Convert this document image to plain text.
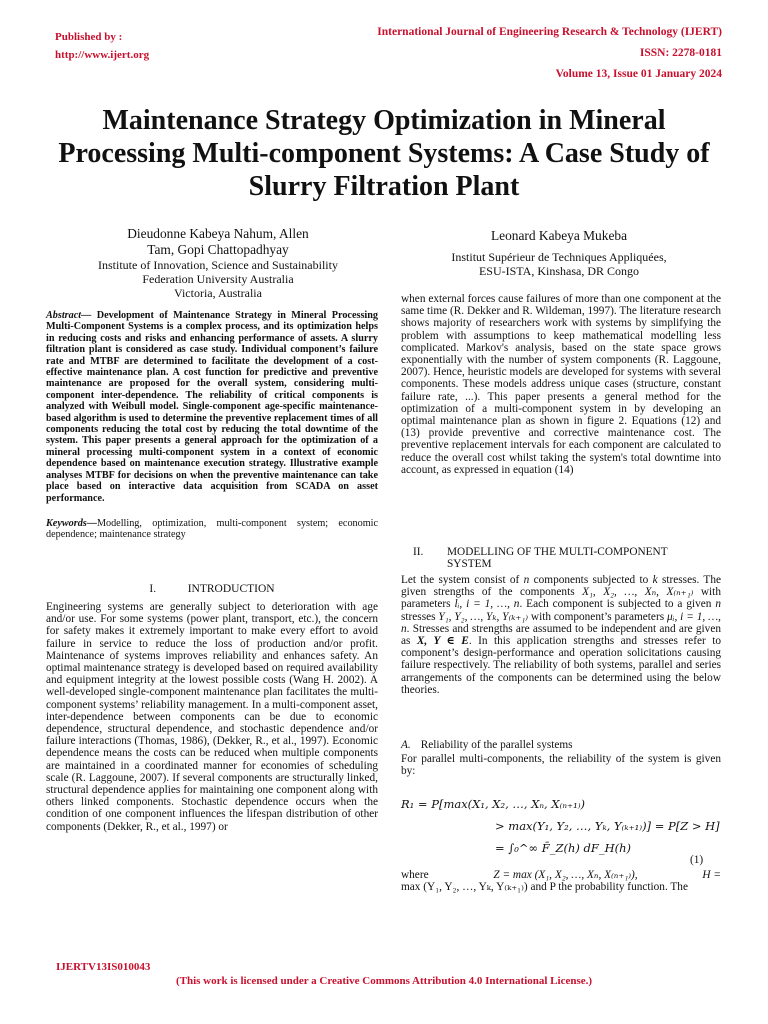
Published by :
http://www.ijert.org
International Journal of Engineering Research & Technology (IJERT)
ISSN: 2278-0181
Volume 13, Issue 01 January 2024
Maintenance Strategy Optimization in Mineral Processing Multi-component Systems: A Case Study of Slurry Filtration Plant
Dieudonne Kabeya Nahum, Allen Tam, Gopi Chattopadhyay
Institute of Innovation, Science and Sustainability
Federation University Australia
Victoria, Australia
Leonard Kabeya Mukeba
Institut Supérieur de Techniques Appliquées,
ESU-ISTA, Kinshasa, DR Congo
Abstract— Development of Maintenance Strategy in Mineral Processing Multi-Component Systems is a complex process, and its optimization helps in reducing costs and risks and enhancing performance of assets. A slurry filtration plant is considered as case study. Individual component’s failure rate and MTBF are determined to facilitate the development of a cost-effective maintenance plan. A cost function for predictive and preventive maintenance are proposed for the overall system, considering multi-component inter-dependence. The reliability of critical components is analyzed with Weibull model. Single-component age-specific maintenance-based algorithm is used to determine the preventive replacement times of all components reducing the total cost by reducing the total downtime of the system. This paper presents a general approach for the optimization of a mineral processing multi-component system in a context of economic dependence based on maintenance execution strategy. Illustrative example analyses MTBF for decisions on when the preventive maintenance can take place based on interactive data acquisition from SCADA on asset performance.
Keywords—Modelling, optimization, multi-component system; economic dependence; maintenance strategy
I.           INTRODUCTION
Engineering systems are generally subject to deterioration with age and/or use. For some systems (power plant, transport, etc.), the concern for safety makes it extremely important to make every effort to avoid failure in service to reduce the loss of production and/or profit. Maintenance of systems improves reliability and enhances safety. An optimal maintenance strategy is developed based on required availability and equipment integrity at the lowest possible costs (Wang H. 2002). A well-developed single-component maintenance plan facilitates the multi-component systems’ reliability management. In a multi-component asset, inter-dependence between components can be due to economic dependence, structural dependence, and stochastic dependence and/or failure interactions (Thomas, 1986), (Dekker, R., et al., 1997). Economic dependence means the costs can be reduced when multiple components are maintained in a coordinated manner for economies of scheduling scale (R. Laggoune, 2007). If several components are structurally linked, structural dependence applies for maintaining one component along with others linked components. Stochastic dependence occurs when the condition of one component influences the lifespan distribution of other components (Dekker, R., et al., 1997) or
when external forces cause failures of more than one component at the same time (R. Dekker and R. Wildeman, 1997). The literature research shows majority of researchers work with systems by simplifying the problem with assumptions to keep mathematical modelling less complicated. Markov's analysis, based on the state space grows exponentially with the number of system components (R. Laggoune, 2007). Hence, heuristic models are developed for systems with several components. These models address unique cases (structure, constant failure rate, ...). This paper presents a general method for the optimization of a multi-component system in by developing an optimal maintenance plan as shown in figure 2. Equations (12) and (13) provide preventive and corrective maintenance cost. The preventive replacement intervals for each component are calculated to reduce the overall cost whilst taking the system's total downtime into account, as expressed in equation (14)
II. MODELLING OF THE MULTI-COMPONENT
SYSTEM
Let the system consist of n components subjected to k stresses. The given strengths of the components X₁, X₂, …, Xₙ, X₍ₙ₊₁₎ with parameters lᵢ, i = 1, …, n. Each component is subjected to a given n stresses Y₁, Y₂, …, Yₖ, Y₍ₖ₊₁₎ with component’s parameters μᵢ, i = 1, …, n. Stresses and strengths are assumed to be independent and are given as X, Y ∈ E. In this application strengths and stresses refer to component’s design-performance and operation solicitations causing failure respectively. The reliability of both systems, parallel and series arrangements of the components can be determined using the below theories.
A. Reliability of the parallel systems
For parallel multi-components, the reliability of the system is given by:
R₁ = P[max(X₁, X₂, …, Xₙ, X₍ₙ₊₁₎)
> max(Y₁, Y₂, …, Yₖ, Y₍ₖ₊₁₎)] = P[Z > H]
= ∫₀^∞ F̄_Z(h) dF_H(h)
(1)
where	Z = max (X₁, X₂, …, Xₙ, X₍ₙ₊₁₎),	H =
max (Y₁, Y₂, …, Yₖ, Y₍ₖ₊₁₎) and P the probability function. The
IJERTV13IS010043
(This work is licensed under a Creative Commons Attribution 4.0 International License.)
